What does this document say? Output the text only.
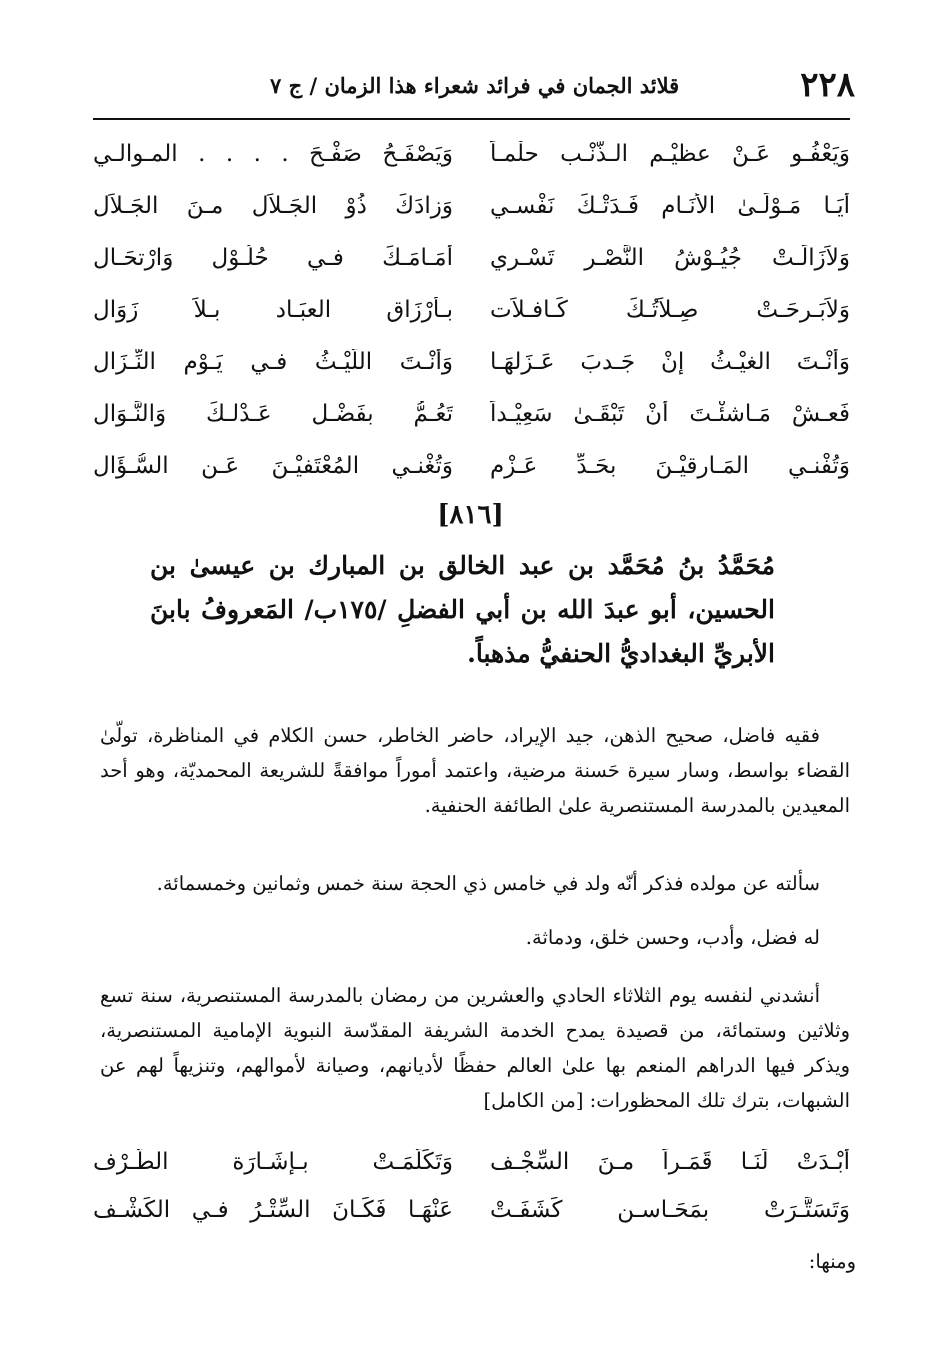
٢٢٨
قلائد الجمان في فرائد شعراء هذا الزمان / ج ٧
وَيَعْفُـو عَـنْ عظيْـم الـذَّنْـب حلْمـاً
وَيَصْفَـحُ صَفْـحَ . . . . المـوالـي
أَيَـا مَـوْلَـىٰ الأَنَـام فَـدَتْـكَ نَفْسـي
وَزادَكَ ذُوْ الجَـلاَل مـنَ الجَـلاَل
وَلاَزَالَـتْ جُيُـوْشُ النَّصْـر تَسْـري
أَمَـامَـكَ فـي حُلُـوْل وَارْتحَـال
وَلاَبَـرحَـتْ صِـلاَتُـكَ كَـافـلاَت
بـأَرْزَاق العبَـاد بـلاَ زَوَال
وَأَنْـتَ الغيْـثُ إنْ جَـدبَ عَـزَلهَـا
وَأَنْـتَ اللَّيْـثُ فـي يَـوْم النِّـزَال
فَعـشْ مَـاشئْـتَ أَنْ تَبْقَـىٰ سَعِيْـداً
تَعُـمُّ بفَضْـل عَـدْلـكَ وَالنَّـوَال
وَتُفْنـي المَـارقيْـنَ بحَـدِّ عَـزْم
وَتُغْنـي المُعْتَفيْـنَ عَـن السُّـؤَال
[٨١٦]
مُحَمَّدُ بنُ مُحَمَّد بن عبد الخالق بن المبارك بن عيسىٰ بن الحسين، أبو عبدَ الله بن أبي الفضلِ /١٧٥ب/ المَعروفُ بابنَ الأبريِّ البغداديُّ الحنفيُّ مذهباً.

فقيه فاضل، صحيح الذهن، جيد الإيراد، حاضر الخاطر، حسن الكلام في المناظرة، تولّىٰ القضاء بواسط، وسار سيرة حَسنة مرضية، واعتمد أموراً موافقةً للشريعة المحمديّة، وهو أحد المعيدين بالمدرسة المستنصرية علىٰ الطائفة الحنفية.

سألته عن مولده فذكر أنّه ولد في خامس ذي الحجة سنة خمس وثمانين وخمسمائة.

له فضل، وأدب، وحسن خلق، ودماثة.

أنشدني لنفسه يوم الثلاثاء الحادي والعشرين من رمضان بالمدرسة المستنصرية، سنة تسع وثلاثين وستمائة، من قصيدة يمدح الخدمة الشريفة المقدّسة النبوية الإمامية المستنصرية، ويذكر فيها الدراهم المنعم بها علىٰ العالم حفظًا لأديانهم، وصيانة لأموالهم، وتنزيهاً لهم عن الشبهات، بترك تلك المحظورات: [من الكامل]

أَبْـدَتْ لَنَـا قَمَـراً مـنَ السِّجْـف
وَتَكَلَّمَـتْ بـإشَـارَة الطَّـرْف
وَتَسَتَّـرَتْ بمَحَـاسـنٍ كَشَفَـتْ
عَنْهَـا فَكَـانَ السِّتْـرُ فـي الكَشْـف
ومنها:
